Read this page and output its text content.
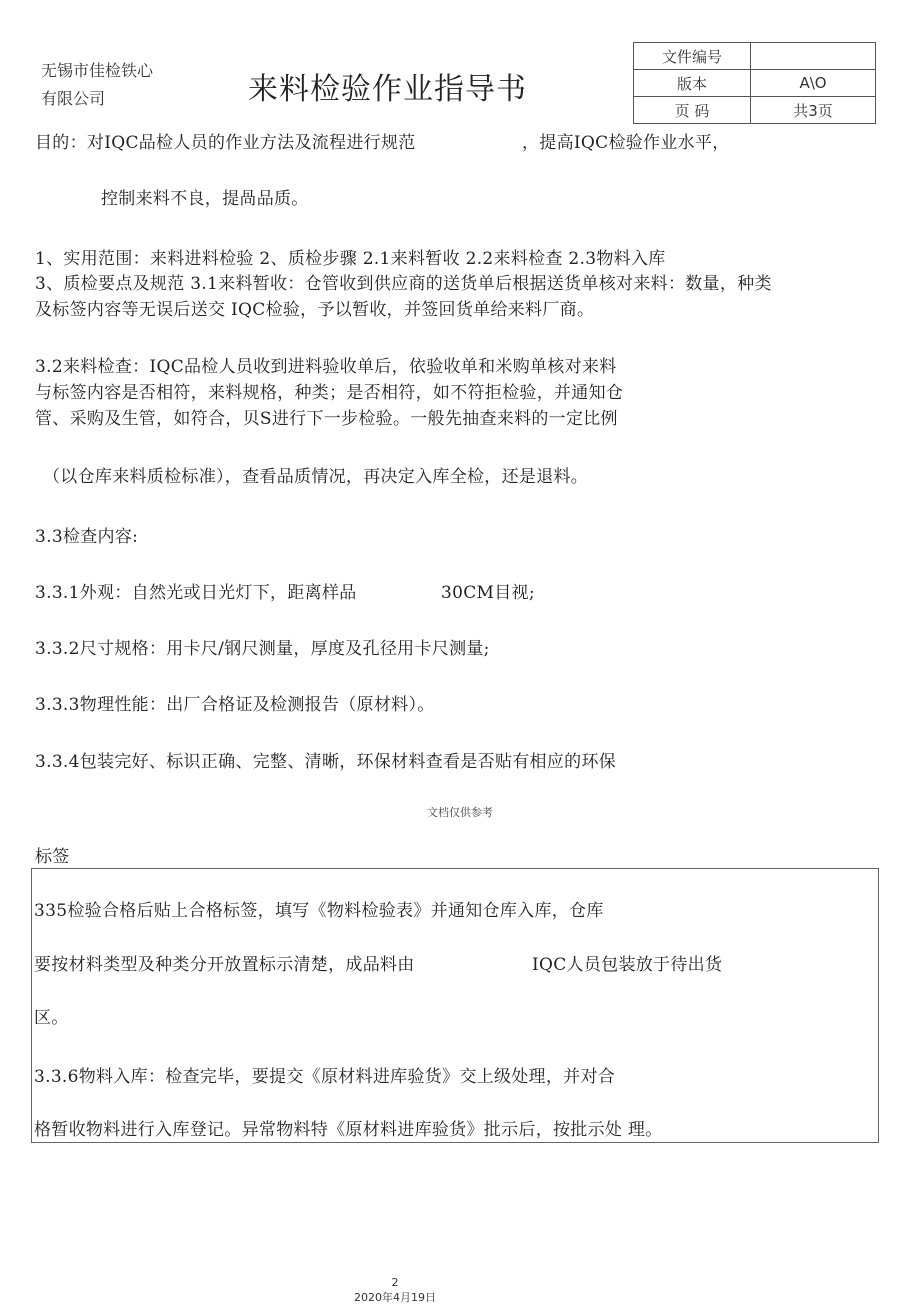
无锡市佳检铁心
有限公司	来料检验作业指导书
文件编号	
版本	A\O
页 码	共3页
目的：对IQC品检人员的作业方法及流程进行规范	，提高IQC检验作业水平，
控制来料不良，提咼品质。
1、实用范围：来料进料检验 2、质检步骤 2.1来料暂收 2.2来料检查 2.3物料入库
3、质检要点及规范 3.1来料暂收：仓管收到供应商的送货单后根据送货单核对来料：数量，种类
及标签内容等无误后送交 IQC检验，予以暂收，并签回货单给来料厂商。
3.2来料检查：IQC品检人员收到进料验收单后，依验收单和米购单核对来料
与标签内容是否相符，来料规格，种类；是否相符，如不符拒检验，并通知仓
管、采购及生管，如符合，贝S进行下一步检验。一般先抽查来料的一定比例
（以仓库来料质检标准），查看品质情况，再决定入库全检，还是退料。
3.3检查内容:
3.3.1外观：自然光或日光灯下，距离样品	30CM目视;
3.3.2尺寸规格：用卡尺/钢尺测量，厚度及孔径用卡尺测量;
3.3.3物理性能：出厂合格证及检测报告（原材料）。
3.3.4包装完好、标识正确、完整、清晰，环保材料查看是否贴有相应的环保
文档仅供参考
标签
335检验合格后贴上合格标签，填写《物料检验表》并通知仓库入库，仓库
要按材料类型及种类分开放置标示清楚，成品料由	IQC人员包装放于待出货
区。
3.3.6物料入库：检查完毕，要提交《原材料进库验货》交上级处理，并对合
格暂收物料进行入库登记。异常物料特《原材料进库验货》批示后，按批示处 理。
2
2020年4月19日
